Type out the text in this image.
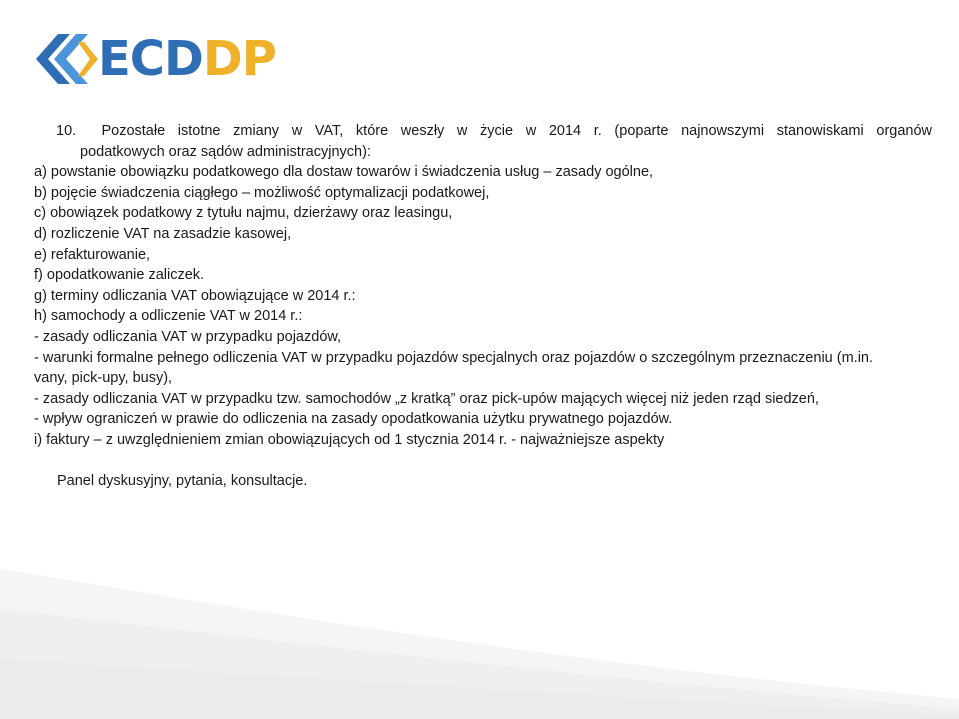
ECDDP
10. Pozostałe istotne zmiany w VAT, które weszły w życie w 2014 r. (poparte najnowszymi stanowiskami organów
podatkowych oraz sądów administracyjnych):
a) powstanie obowiązku podatkowego dla dostaw towarów i świadczenia usług – zasady ogólne,
b) pojęcie świadczenia ciągłego – możliwość optymalizacji podatkowej,
c) obowiązek podatkowy z tytułu najmu, dzierżawy oraz leasingu,
d) rozliczenie VAT na zasadzie kasowej,
e) refakturowanie,
f) opodatkowanie zaliczek.
g) terminy odliczania VAT obowiązujące w 2014 r.:
h) samochody a odliczenie VAT w 2014 r.:
- zasady odliczania VAT w przypadku pojazdów,
- warunki formalne pełnego odliczenia VAT w przypadku pojazdów specjalnych oraz pojazdów o szczególnym przeznaczeniu (m.in.
vany, pick-upy, busy),
- zasady odliczania VAT w przypadku tzw. samochodów „z kratką” oraz pick-upów mających więcej niż jeden rząd siedzeń,
- wpływ ograniczeń w prawie do odliczenia na zasady opodatkowania użytku prywatnego pojazdów.
i) faktury – z uwzględnieniem zmian obowiązujących od 1 stycznia 2014 r. - najważniejsze aspekty
Panel dyskusyjny, pytania, konsultacje.
